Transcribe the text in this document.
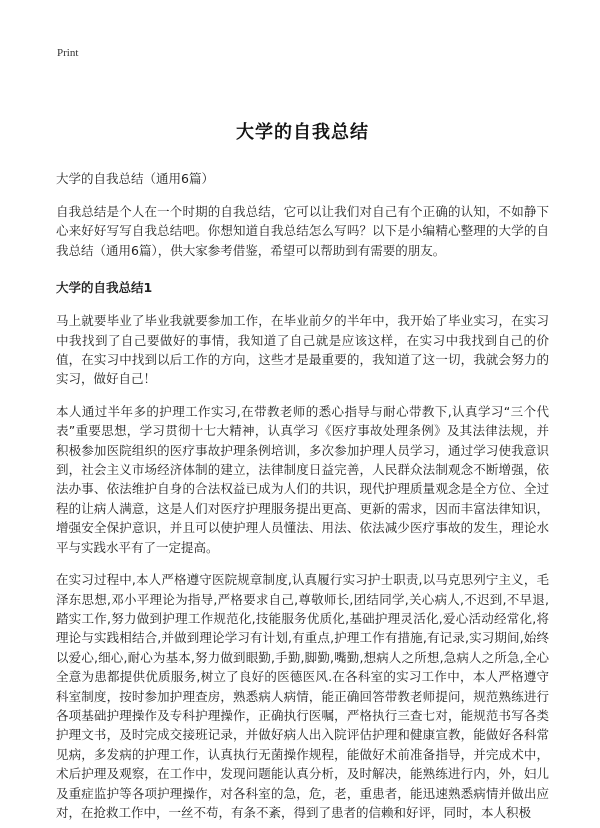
Print
大学的自我总结
大学的自我总结（通用6篇）

自我总结是个人在一个时期的自我总结，它可以让我们对自己有个正确的认知，不如静下心来好好写写自我总结吧。你想知道自我总结怎么写吗？以下是小编精心整理的大学的自我总结（通用6篇），供大家参考借鉴，希望可以帮助到有需要的朋友。

大学的自我总结1

马上就要毕业了毕业我就要参加工作，在毕业前夕的半年中，我开始了毕业实习，在实习中我找到了自己要做好的事情，我知道了自己就是应该这样，在实习中我找到自己的价值，在实习中找到以后工作的方向，这些才是最重要的，我知道了这一切，我就会努力的实习，做好自己！

本人通过半年多的护理工作实习,在带教老师的悉心指导与耐心带教下,认真学习“三个代表”重要思想，学习贯彻十七大精神，认真学习《医疗事故处理条例》及其法律法规，并积极参加医院组织的医疗事故护理条例培训，多次参加护理人员学习，通过学习使我意识到，社会主义市场经济体制的建立，法律制度日益完善，人民群众法制观念不断增强，依法办事、依法维护自身的合法权益已成为人们的共识，现代护理质量观念是全方位、全过程的让病人满意，这是人们对医疗护理服务提出更高、更新的需求，因而丰富法律知识，增强安全保护意识，并且可以使护理人员懂法、用法、依法减少医疗事故的发生，理论水平与实践水平有了一定提高。

在实习过程中,本人严格遵守医院规章制度,认真履行实习护士职责,以马克思列宁主义，毛泽东思想,邓小平理论为指导,严格要求自己,尊敬师长,团结同学,关心病人,不迟到,不早退,踏实工作,努力做到护理工作规范化,技能服务优质化,基础护理灵活化,爱心活动经常化,将理论与实践相结合,并做到理论学习有计划,有重点,护理工作有措施,有记录,实习期间,始终以爱心,细心,耐心为基本,努力做到眼勤,手勤,脚勤,嘴勤,想病人之所想,急病人之所急,全心全意为患都提供优质服务,树立了良好的医德医风.在各科室的实习工作中，本人严格遵守科室制度，按时参加护理查房，熟悉病人病情，能正确回答带教老师提问，规范熟练进行各项基础护理操作及专科护理操作，正确执行医嘱，严格执行三查七对，能规范书写各类护理文书，及时完成交接班记录，并做好病人出入院评估护理和健康宣教，能做好各科常见病，多发病的护理工作，认真执行无菌操作规程，能做好术前准备指导，并完成术中，术后护理及观察，在工作中，发现问题能认真分析，及时解决，能熟练进行内，外，妇儿及重症监护等各项护理操作，对各科室的急，危，老，重患者，能迅速熟悉病情并做出应对，在抢救工作中，一丝不苟，有条不紊，得到了患者的信赖和好评，同时，本人积极
